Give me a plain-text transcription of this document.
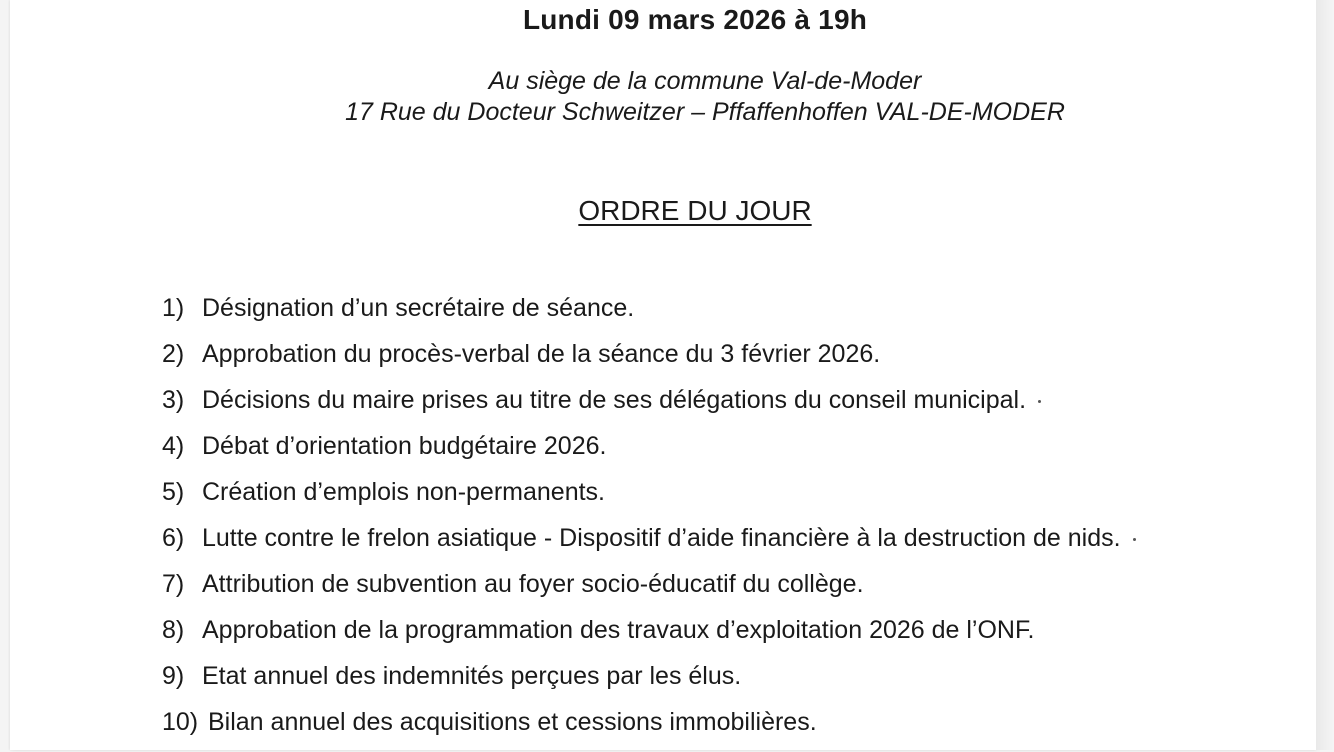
Lundi 09 mars 2026 à 19h
Au siège de la commune Val-de-Moder
17 Rue du Docteur Schweitzer – Pffaffenhoffen VAL-DE-MODER
ORDRE DU JOUR
1) Désignation d’un secrétaire de séance.
2) Approbation du procès-verbal de la séance du 3 février 2026.
3) Décisions du maire prises au titre de ses délégations du conseil municipal.
4) Débat d’orientation budgétaire 2026.
5) Création d’emplois non-permanents.
6) Lutte contre le frelon asiatique - Dispositif d’aide financière à la destruction de nids.
7) Attribution de subvention au foyer socio-éducatif du collège.
8) Approbation de la programmation des travaux d’exploitation 2026 de l’ONF.
9) Etat annuel des indemnités perçues par les élus.
10) Bilan annuel des acquisitions et cessions immobilières.
